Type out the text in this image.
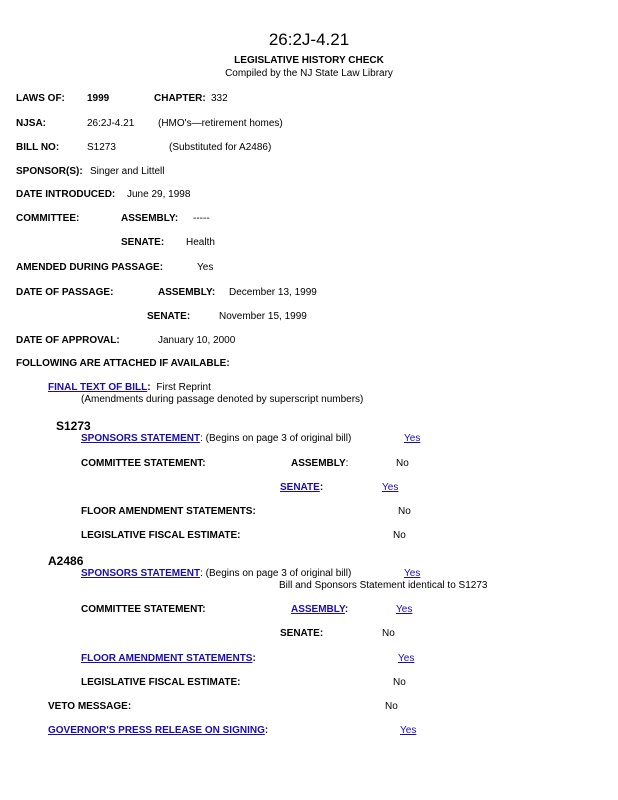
26:2J-4.21
LEGISLATIVE HISTORY CHECK
Compiled by the NJ State Law Library
LAWS OF: 1999	CHAPTER: 332
NJSA:	26:2J-4.21 (HMO's—retirement homes)
BILL NO:	S1273	(Substituted for A2486)
SPONSOR(S): Singer and Littell
DATE INTRODUCED: June 29, 1998
COMMITTEE:	ASSEMBLY: -----
SENATE: Health
AMENDED DURING PASSAGE:	Yes
DATE OF PASSAGE:	ASSEMBLY: December 13, 1999
SENATE:	November 15, 1999
DATE OF APPROVAL:	January 10, 2000
FOLLOWING ARE ATTACHED IF AVAILABLE:
FINAL TEXT OF BILL: First Reprint
(Amendments during passage denoted by superscript numbers)
S1273
SPONSORS STATEMENT: (Begins on page 3 of original bill)	Yes
COMMITTEE STATEMENT:	ASSEMBLY:	No
SENATE:	Yes
FLOOR AMENDMENT STATEMENTS:	No
LEGISLATIVE FISCAL ESTIMATE:	No
A2486
SPONSORS STATEMENT: (Begins on page 3 of original bill)	Yes
Bill and Sponsors Statement identical to S1273
COMMITTEE STATEMENT:	ASSEMBLY:	Yes
SENATE:	No
FLOOR AMENDMENT STATEMENTS:	Yes
LEGISLATIVE FISCAL ESTIMATE:	No
VETO MESSAGE:	No
GOVERNOR'S PRESS RELEASE ON SIGNING:	Yes
